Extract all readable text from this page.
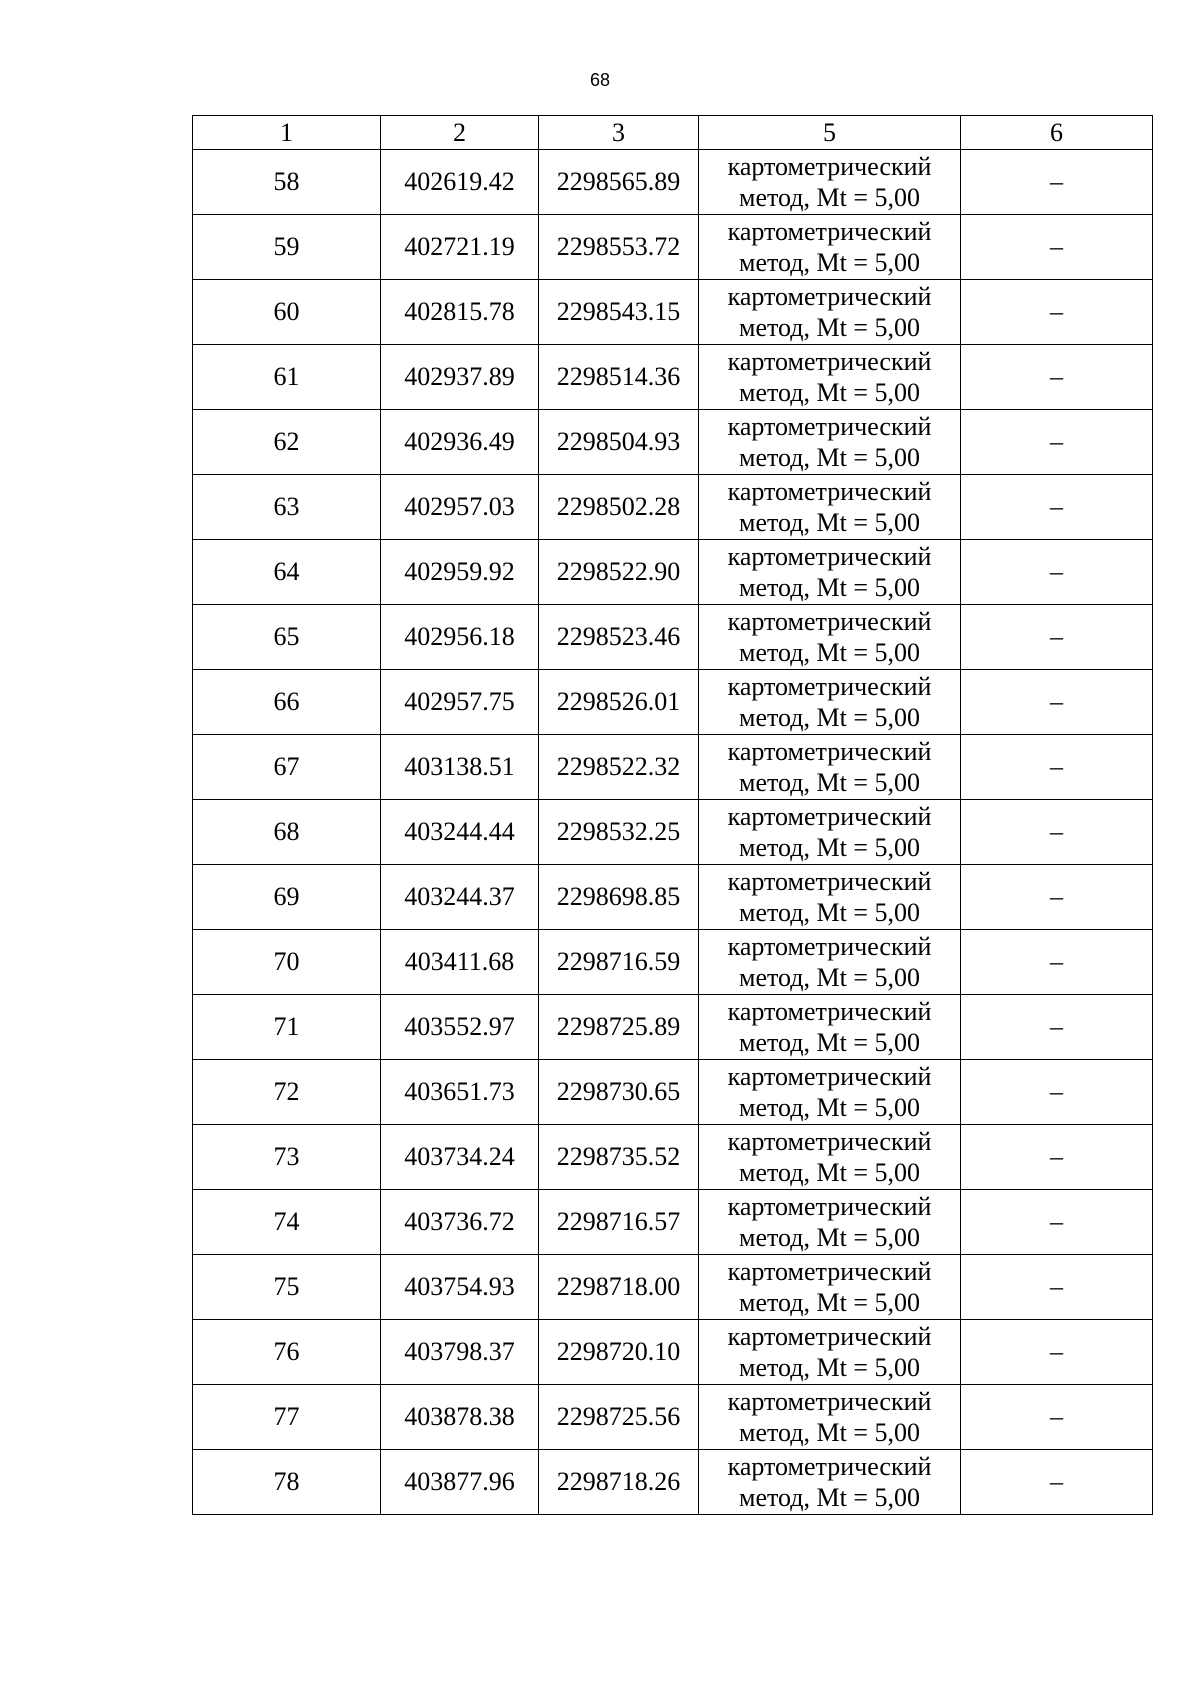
68
1	2	3	5	6
58	402619.42	2298565.89	картометрический
метод, Mt = 5,00	–
59	402721.19	2298553.72	картометрический
метод, Mt = 5,00	–
60	402815.78	2298543.15	картометрический
метод, Mt = 5,00	–
61	402937.89	2298514.36	картометрический
метод, Mt = 5,00	–
62	402936.49	2298504.93	картометрический
метод, Mt = 5,00	–
63	402957.03	2298502.28	картометрический
метод, Mt = 5,00	–
64	402959.92	2298522.90	картометрический
метод, Mt = 5,00	–
65	402956.18	2298523.46	картометрический
метод, Mt = 5,00	–
66	402957.75	2298526.01	картометрический
метод, Mt = 5,00	–
67	403138.51	2298522.32	картометрический
метод, Mt = 5,00	–
68	403244.44	2298532.25	картометрический
метод, Mt = 5,00	–
69	403244.37	2298698.85	картометрический
метод, Mt = 5,00	–
70	403411.68	2298716.59	картометрический
метод, Mt = 5,00	–
71	403552.97	2298725.89	картометрический
метод, Mt = 5,00	–
72	403651.73	2298730.65	картометрический
метод, Mt = 5,00	–
73	403734.24	2298735.52	картометрический
метод, Mt = 5,00	–
74	403736.72	2298716.57	картометрический
метод, Mt = 5,00	–
75	403754.93	2298718.00	картометрический
метод, Mt = 5,00	–
76	403798.37	2298720.10	картометрический
метод, Mt = 5,00	–
77	403878.38	2298725.56	картометрический
метод, Mt = 5,00	–
78	403877.96	2298718.26	картометрический
метод, Mt = 5,00	–
